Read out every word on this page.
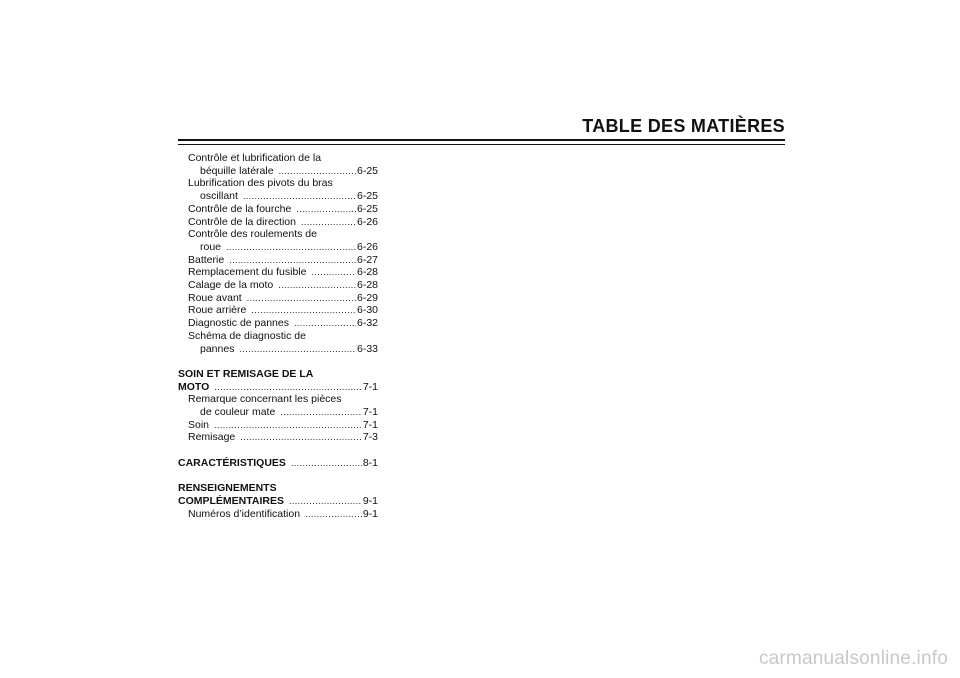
TABLE DES MATIÈRES
Contrôle et lubrification de la
béquille latérale .....	6-25
Lubrification des pivots du bras
oscillant .....	6-25
Contrôle de la fourche .....	6-25
Contrôle de la direction .....	6-26
Contrôle des roulements de
roue .....	6-26
Batterie .....	6-27
Remplacement du fusible .....	6-28
Calage de la moto .....	6-28
Roue avant .....	6-29
Roue arrière .....	6-30
Diagnostic de pannes .....	6-32
Schéma de diagnostic de
pannes .....	6-33
SOIN ET REMISAGE DE LA
MOTO .....	7-1
Remarque concernant les pièces
de couleur mate .....	7-1
Soin .....	7-1
Remisage .....	7-3
CARACTÉRISTIQUES .....	8-1
RENSEIGNEMENTS
COMPLÉMENTAIRES .....	9-1
Numéros d’identification .....	9-1
carmanualsonline.info
